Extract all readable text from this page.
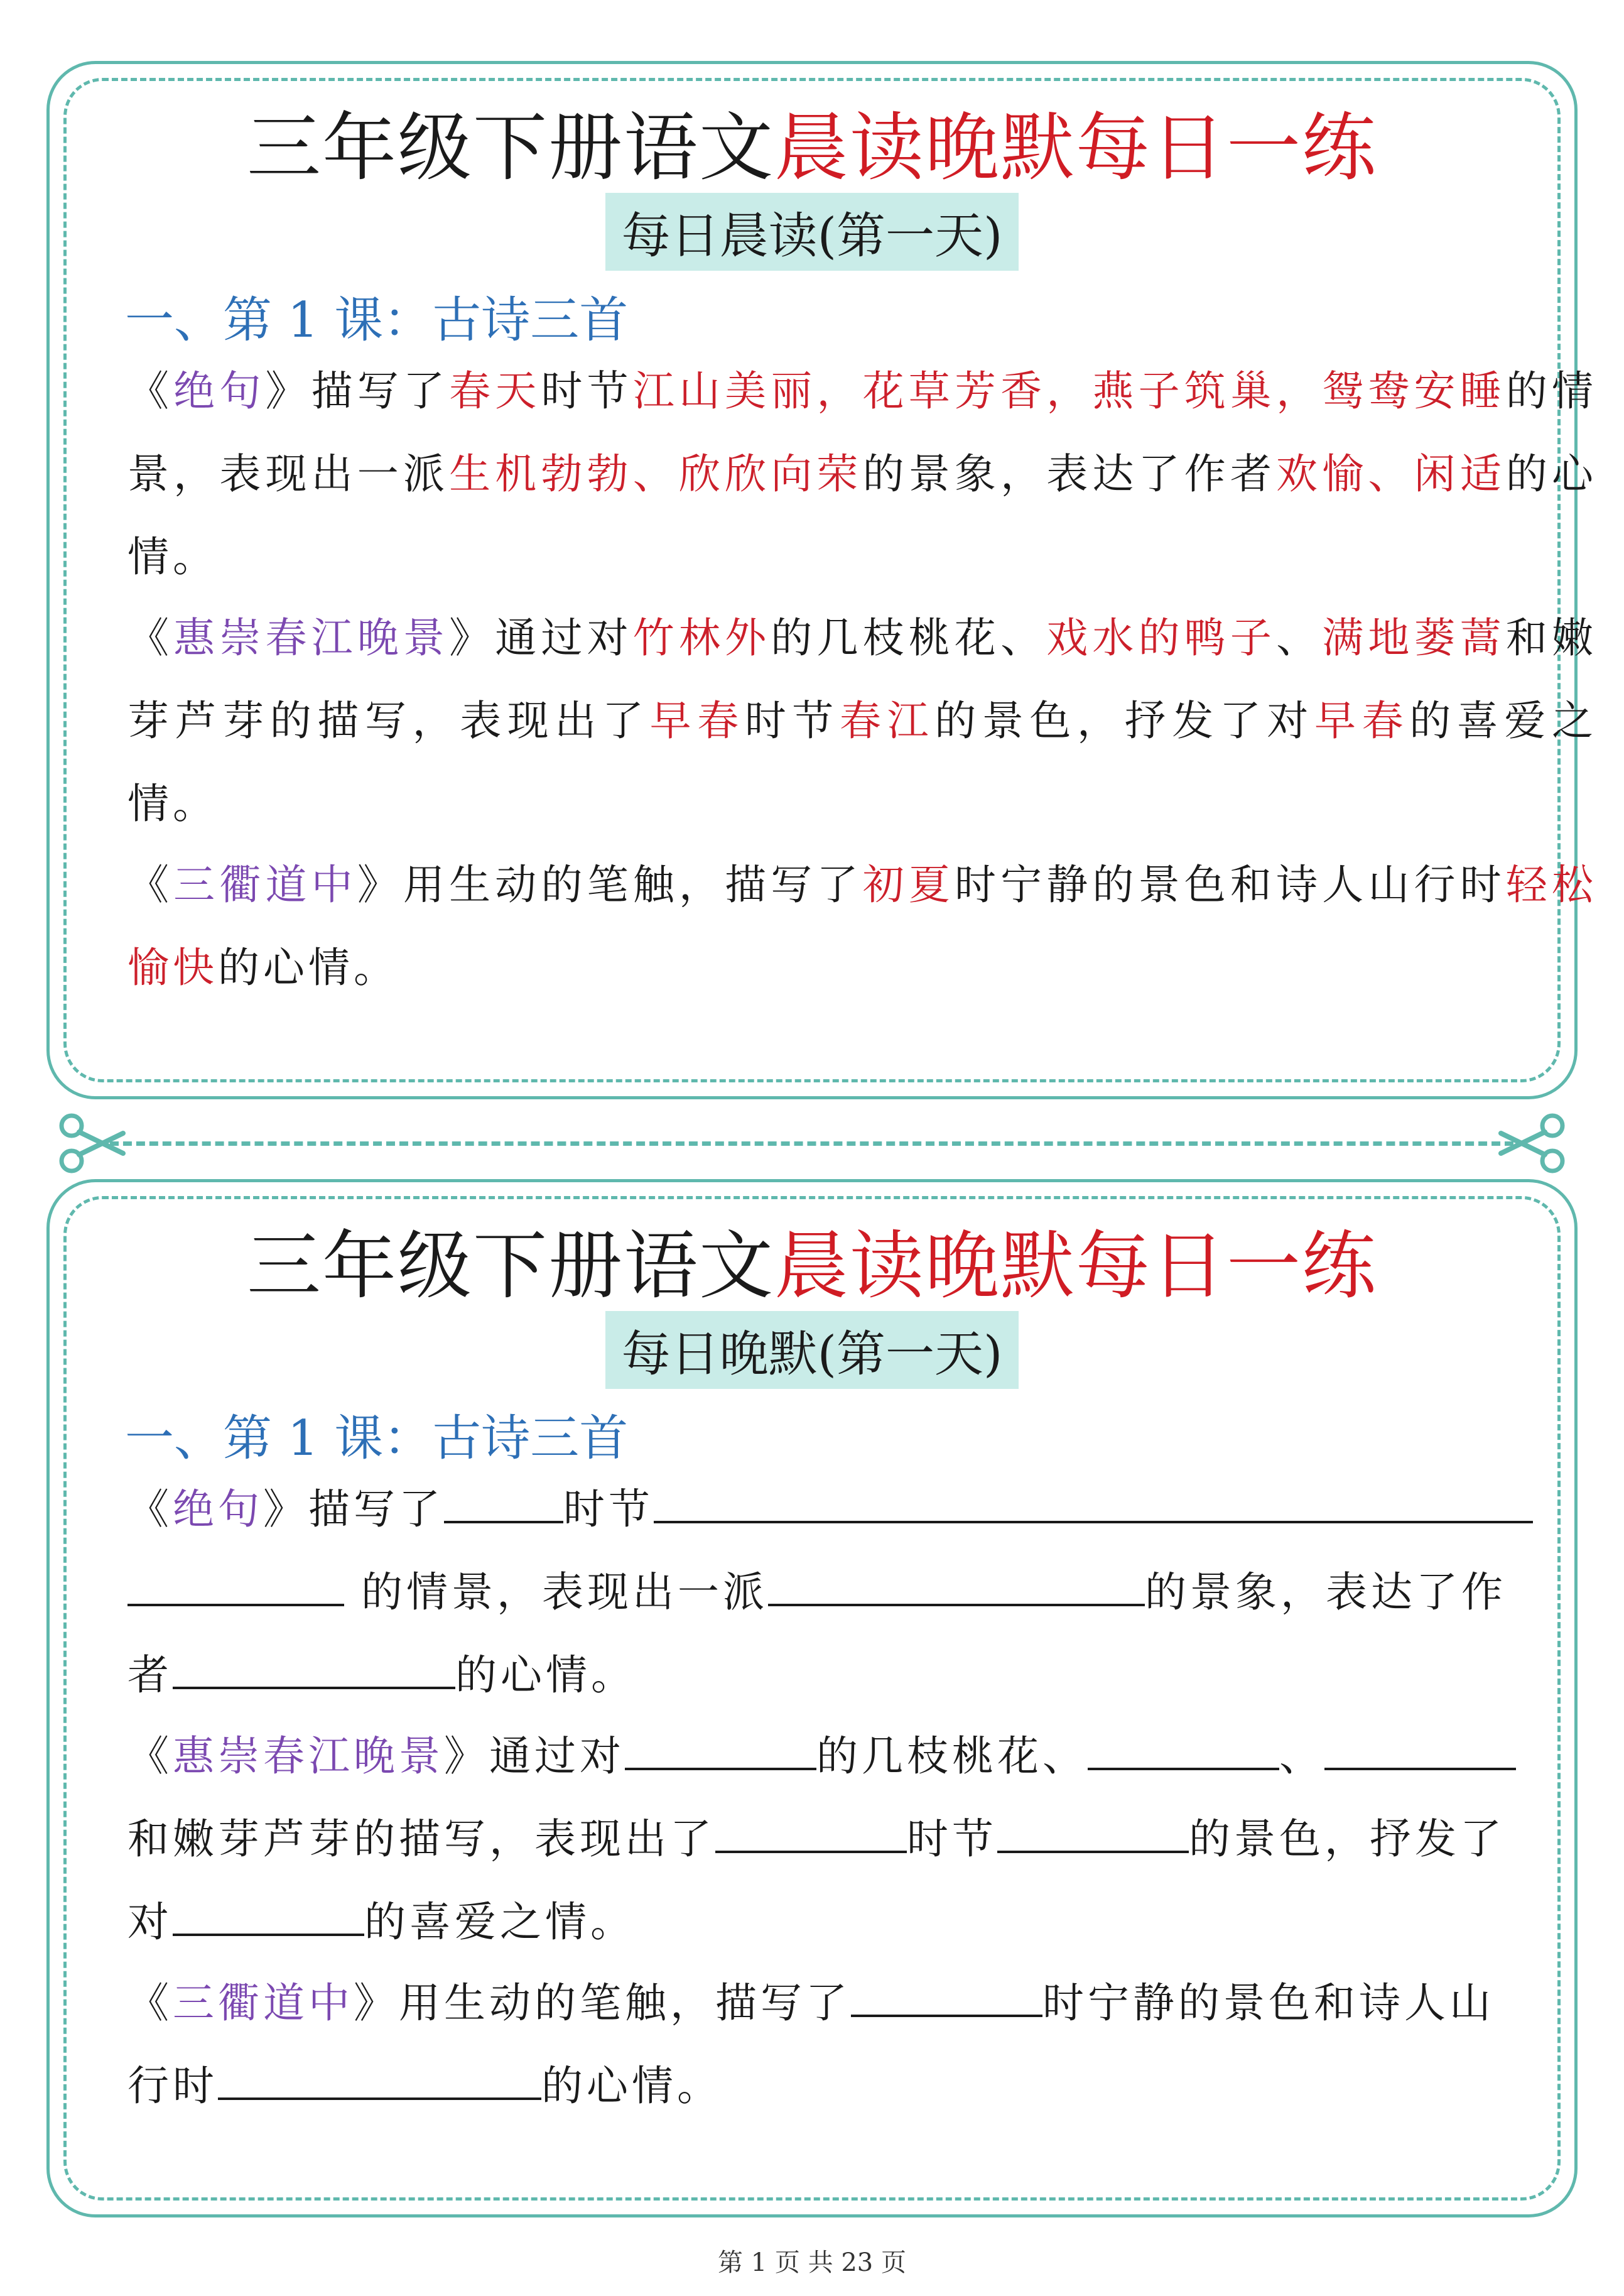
三年级下册语文晨读晚默每日一练
每日晨读(第一天)
一、第 1 课：古诗三首
《绝句》描写了春天时节江山美丽，花草芳香，燕子筑巢，鸳鸯安睡的情景，表现出一派生机勃勃、欣欣向荣的景象，表达了作者欢愉、闲适的心情。
《惠崇春江晚景》通过对竹林外的几枝桃花、戏水的鸭子、满地蒌蒿和嫩芽芦芽的描写，表现出了早春时节春江的景色，抒发了对早春的喜爱之情。
《三衢道中》用生动的笔触，描写了初夏时宁静的景色和诗人山行时轻松愉快的心情。
三年级下册语文晨读晚默每日一练
每日晚默(第一天)
一、第 1 课：古诗三首
《绝句》描写了	时节
的情景，表现出一派	的景象，表达了作
者	的心情。
《惠崇春江晚景》通过对	的几枝桃花、	、
和嫩芽芦芽的描写，表现出了	时节	的景色，抒发了
对	的喜爱之情。
《三衢道中》用生动的笔触，描写了	时宁静的景色和诗人山
行时	的心情。
第 1 页 共 23 页
